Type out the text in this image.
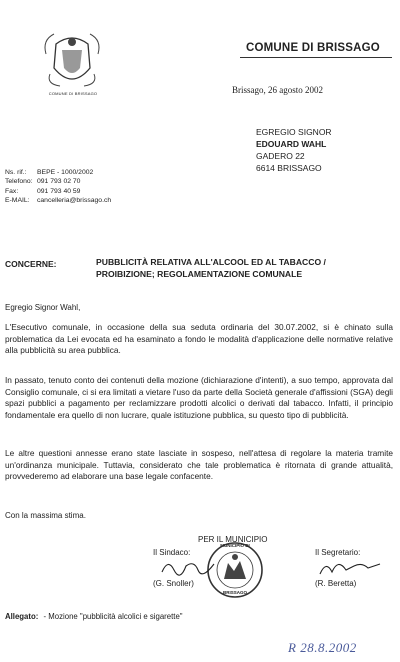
COMUNE DI BRISSAGO
COMUNE DI BRISSAGO
Brissago, 26 agosto 2002
EGREGIO SIGNOR
EDOUARD WAHL
GADERO 22
6614 BRISSAGO
Ns. rif.: BEPE - 1000/2002
Telefono: 091 793 02 70
Fax:	091 793 40 59
E-MAIL: cancelleria@brissago.ch
CONCERNE:	PUBBLICITÀ RELATIVA ALL'ALCOOL ED AL TABACCO /
PROIBIZIONE; REGOLAMENTAZIONE COMUNALE
Egregio Signor Wahl,
L'Esecutivo comunale, in occasione della sua seduta ordinaria del 30.07.2002, si è chinato sulla problematica da Lei evocata ed ha esaminato a fondo le modalità d'applicazione delle normative relative alla pubblicità su area pubblica.
In passato, tenuto conto dei contenuti della mozione (dichiarazione d'intenti), a suo tempo, approvata dal Consiglio comunale, ci si era limitati a vietare l'uso da parte della Società generale d'affissioni (SGA) degli spazi pubblici a pagamento per reclamizzare prodotti alcolici o derivati dal tabacco. Infatti, il principio fondamentale era quello di non lucrare, quale istituzione pubblica, su questo tipo di pubblicità.
Le altre questioni annesse erano state lasciate in sospeso, nell'attesa di regolare la materia tramite un'ordinanza municipale. Tuttavia, considerato che tale problematica è ritornata di grande attualità, provvederemo ad elaborare una base legale confacente.
Con la massima stima.
PER IL MUNICIPIO
Il Sindaco:	Il Segretario:
(G. Snoller)	(R. Beretta)
MUNICIPIO DI
BRISSAGO
Allegato: - Mozione "pubblicità alcolici e sigarette"
R 28.8.2002
